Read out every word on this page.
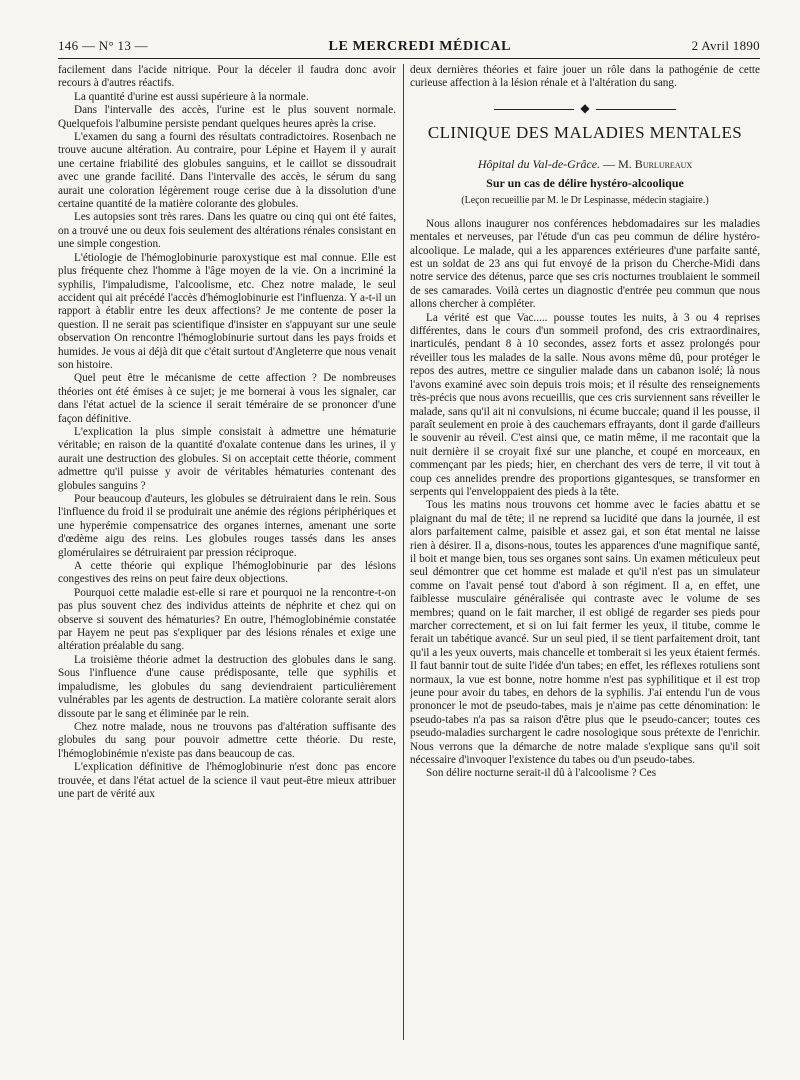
146 — N° 13 —	LE MERCREDI MÉDICAL	2 Avril 1890

facilement dans l'acide nitrique. Pour la déceler il faudra donc avoir recours à d'autres réactifs.

La quantité d'urine est aussi supérieure à la normale.

Dans l'intervalle des accès, l'urine est le plus souvent normale. Quelquefois l'albumine persiste pendant quelques heures après la crise.

L'examen du sang a fourni des résultats contradictoires. Rosenbach ne trouve aucune altération. Au contraire, pour Lépine et Hayem il y aurait une certaine friabilité des globules sanguins, et le caillot se dissoudrait avec une grande facilité. Dans l'intervalle des accès, le sérum du sang aurait une coloration légèrement rouge cerise due à la dissolution d'une certaine quantité de la matière colorante des globules.

Les autopsies sont très rares. Dans les quatre ou cinq qui ont été faites, on a trouvé une ou deux fois seulement des altérations rénales consistant en une simple congestion.

L'étiologie de l'hémoglobinurie paroxystique est mal connue. Elle est plus fréquente chez l'homme à l'âge moyen de la vie. On a incriminé la syphilis, l'impaludisme, l'alcoolisme, etc. Chez notre malade, le seul accident qui ait précédé l'accès d'hémoglobinurie est l'influenza. Y a-t-il un rapport à établir entre les deux affections? Je me contente de poser la question. Il ne serait pas scientifique d'insister en s'appuyant sur une seule observation On rencontre l'hémoglobinurie surtout dans les pays froids et humides. Je vous ai déjà dit que c'était surtout d'Angleterre que nous venait son histoire.

Quel peut être le mécanisme de cette affection ? De nombreuses théories ont été émises à ce sujet; je me bornerai à vous les signaler, car dans l'état actuel de la science il serait téméraire de se prononcer d'une façon définitive.

L'explication la plus simple consistait à admettre une hématurie véritable; en raison de la quantité d'oxalate contenue dans les urines, il y aurait une destruction des globules. Si on acceptait cette théorie, comment admettre qu'il puisse y avoir de véritables hématuries contenant des globules sanguins ?

Pour beaucoup d'auteurs, les globules se détruiraient dans le rein. Sous l'influence du froid il se produirait une anémie des régions périphériques et une hyperémie compensatrice des organes internes, amenant une sorte d'œdème aigu des reins. Les globules rouges tassés dans les anses glomérulaires se détruiraient par pression réciproque.

A cette théorie qui explique l'hémoglobinurie par des lésions congestives des reins on peut faire deux objections.

Pourquoi cette maladie est-elle si rare et pourquoi ne la rencontre-t-on pas plus souvent chez des individus atteints de néphrite et chez qui on observe si souvent des hématuries? En outre, l'hémoglobinémie constatée par Hayem ne peut pas s'expliquer par des lésions rénales et exige une altération préalable du sang.

La troisième théorie admet la destruction des globules dans le sang. Sous l'influence d'une cause prédisposante, telle que syphilis et impaludisme, les globules du sang deviendraient particulièrement vulnérables par les agents de destruction. La matière colorante serait alors dissoute par le sang et éliminée par le rein.

Chez notre malade, nous ne trouvons pas d'altération suffisante des globules du sang pour pouvoir admettre cette théorie. Du reste, l'hémoglobinémie n'existe pas dans beaucoup de cas.

L'explication définitive de l'hémoglobinurie n'est donc pas encore trouvée, et dans l'état actuel de la science il vaut peut-être mieux attribuer une part de vérité aux

deux dernières théories et faire jouer un rôle dans la pathogénie de cette curieuse affection à la lésion rénale et à l'altération du sang.

◆
CLINIQUE DES MALADIES MENTALES
Hôpital du Val-de-Grâce. — M. Burlureaux
Sur un cas de délire hystéro-alcoolique
(Leçon recueillie par M. le Dr Lespinasse, médecin stagiaire.)

Nous allons inaugurer nos conférences hebdomadaires sur les maladies mentales et nerveuses, par l'étude d'un cas peu commun de délire hystéro-alcoolique. Le malade, qui a les apparences extérieures d'une parfaite santé, est un soldat de 23 ans qui fut envoyé de la prison du Cherche-Midi dans notre service des détenus, parce que ses cris nocturnes troublaient le sommeil de ses camarades. Voilà certes un diagnostic d'entrée peu commun que nous allons chercher à compléter.

La vérité est que Vac..... pousse toutes les nuits, à 3 ou 4 reprises différentes, dans le cours d'un sommeil profond, des cris extraordinaires, inarticulés, pendant 8 à 10 secondes, assez forts et assez prolongés pour réveiller tous les malades de la salle. Nous avons même dû, pour protéger le repos des autres, mettre ce singulier malade dans un cabanon isolé; là nous l'avons examiné avec soin depuis trois mois; et il résulte des renseignements très-précis que nous avons recueillis, que ces cris surviennent sans réveiller le malade, sans qu'il ait ni convulsions, ni écume buccale; quand il les pousse, il paraît seulement en proie à des cauchemars effrayants, dont il garde d'ailleurs le souvenir au réveil. C'est ainsi que, ce matin même, il me racontait que la nuit dernière il se croyait fixé sur une planche, et coupé en morceaux, en commençant par les pieds; hier, en cherchant des vers de terre, il vit tout à coup ces annelides prendre des proportions gigantesques, se transformer en serpents qui l'enveloppaient des pieds à la tête.

Tous les matins nous trouvons cet homme avec le facies abattu et se plaignant du mal de tête; il ne reprend sa lucidité que dans la journée, il est alors parfaitement calme, paisible et assez gai, et son état mental ne laisse rien à désirer. Il a, disons-nous, toutes les apparences d'une magnifique santé, il boit et mange bien, tous ses organes sont sains. Un examen méticuleux peut seul démontrer que cet homme est malade et qu'il n'est pas un simulateur comme on l'avait pensé tout d'abord à son régiment. Il a, en effet, une faiblesse musculaire généralisée qui contraste avec le volume de ses membres; quand on le fait marcher, il est obligé de regarder ses pieds pour marcher correctement, et si on lui fait fermer les yeux, il titube, comme le ferait un tabétique avancé. Sur un seul pied, il se tient parfaitement droit, tant qu'il a les yeux ouverts, mais chancelle et tomberait si les yeux étaient fermés. Il faut bannir tout de suite l'idée d'un tabes; en effet, les réflexes rotuliens sont normaux, la vue est bonne, notre homme n'est pas syphilitique et il est trop jeune pour avoir du tabes, en dehors de la syphilis. J'ai entendu l'un de vous prononcer le mot de pseudo-tabes, mais je n'aime pas cette dénomination: le pseudo-tabes n'a pas sa raison d'être plus que le pseudo-cancer; toutes ces pseudo-maladies surchargent le cadre nosologique sous prétexte de l'enrichir. Nous verrons que la démarche de notre malade s'explique sans qu'il soit nécessaire d'invoquer l'existence du tabes ou d'un pseudo-tabes.

Son délire nocturne serait-il dû à l'alcoolisme ? Ces
